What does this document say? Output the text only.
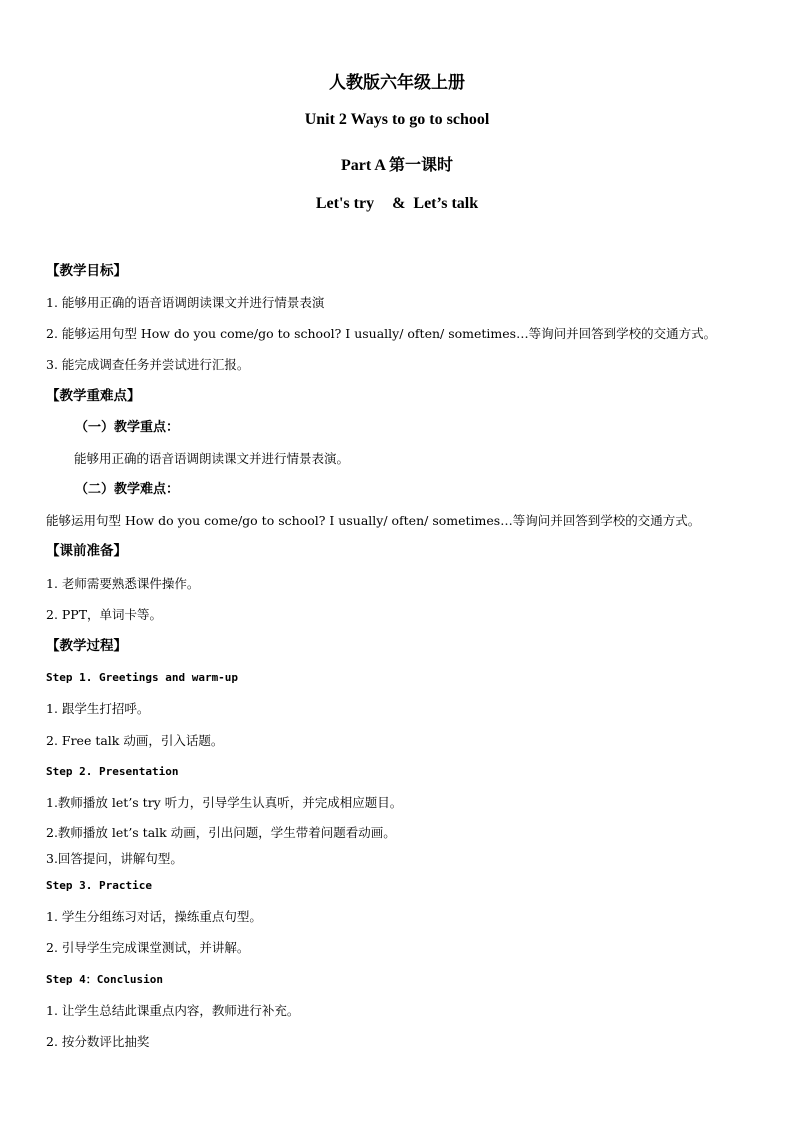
人教版六年级上册
Unit 2 Ways to go to school
Part A 第一课时
Let's try & Let’s talk
【教学目标】
1. 能够用正确的语音语调朗读课文并进行情景表演
2. 能够运用句型 How do you come/go to school? I usually/ often/ sometimes…等询问并回答到学校的交通方式。
3. 能完成调查任务并尝试进行汇报。
【教学重难点】
（一）教学重点：
能够用正确的语音语调朗读课文并进行情景表演。
（二）教学难点：
能够运用句型 How do you come/go to school? I usually/ often/ sometimes…等询问并回答到学校的交通方式。
【课前准备】
1. 老师需要熟悉课件操作。
2. PPT，单词卡等。
【教学过程】
Step 1. Greetings and warm-up
1. 跟学生打招呼。
2. Free talk 动画，引入话题。
Step 2. Presentation
1.教师播放 let’s try 听力，引导学生认真听，并完成相应题目。
2.教师播放 let’s talk 动画，引出问题，学生带着问题看动画。
3.回答提问，讲解句型。
Step 3. Practice
1. 学生分组练习对话，操练重点句型。
2. 引导学生完成课堂测试，并讲解。
Step 4：Conclusion
1. 让学生总结此课重点内容，教师进行补充。
2. 按分数评比抽奖
